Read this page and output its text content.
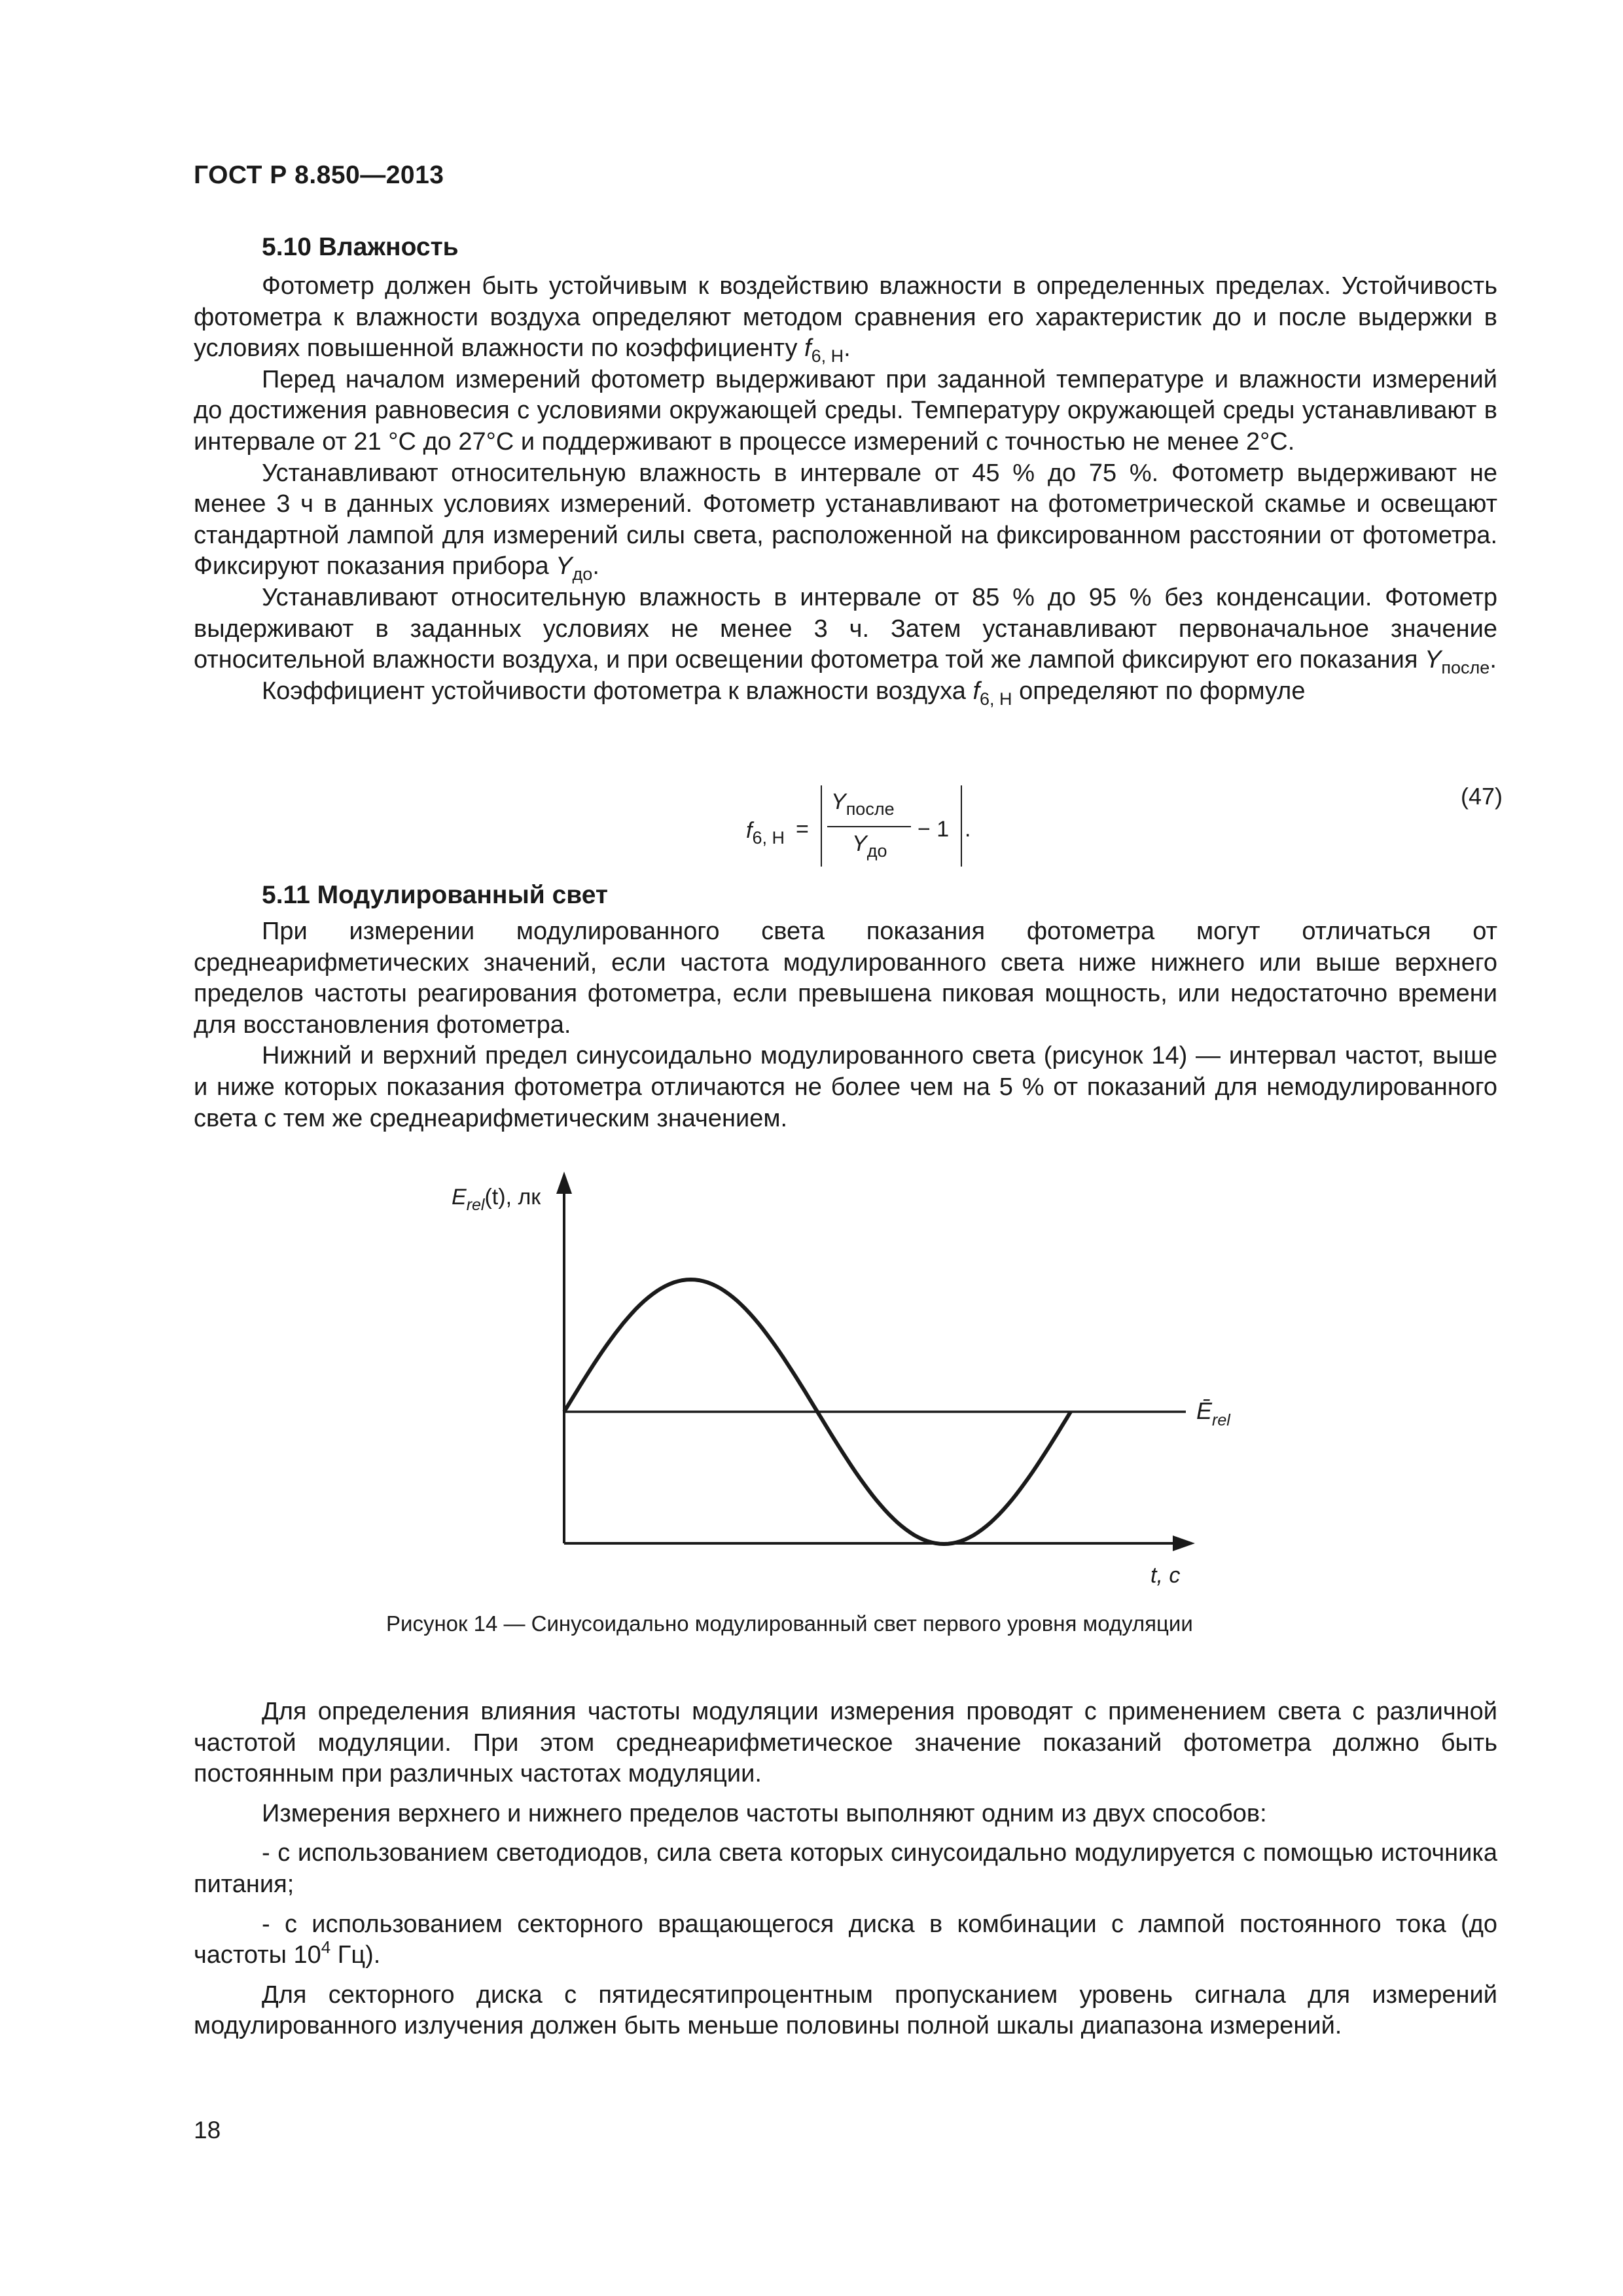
ГОСТ Р 8.850—2013
5.10 Влажность

Фотометр должен быть устойчивым к воздействию влажности в определенных пределах. Устойчивость фотометра к влажности воздуха определяют методом сравнения его характеристик до и после выдержки в условиях повышенной влажности по коэффициенту $f_{6, H}$.

Перед началом измерений фотометр выдерживают при заданной температуре и влажности измерений до достижения равновесия с условиями окружающей среды. Температуру окружающей среды устанавливают в интервале от 21 °C до 27°C и поддерживают в процессе измерений с точностью не менее 2°C.

Устанавливают относительную влажность в интервале от 45 % до 75 %. Фотометр выдерживают не менее 3 ч в данных условиях измерений. Фотометр устанавливают на фотометрической скамье и освещают стандартной лампой для измерений силы света, расположенной на фиксированном расстоянии от фотометра. Фиксируют показания прибора $Y_{до}$.

Устанавливают относительную влажность в интервале от 85 % до 95 % без конденсации. Фотометр выдерживают в заданных условиях не менее 3 ч. Затем устанавливают первоначальное значение относительной влажности воздуха, и при освещении фотометра той же лампой фиксируют его показания $Y_{после}$.

Коэффициент устойчивости фотометра к влажности воздуха $f_{6, H}$ определяют по формуле

$f_{6, H}$ =
$Y_{после}$
$Y_{до}$
− 1 .
(47)
5.11 Модулированный свет

При измерении модулированного света показания фотометра могут отличаться от среднеарифметических значений, если частота модулированного света ниже нижнего или выше верхнего пределов частоты реагирования фотометра, если превышена пиковая мощность, или недостаточно времени для восстановления фотометра.

Нижний и верхний предел синусоидально модулированного света (рисунок 14) — интервал частот, выше и ниже которых показания фотометра отличаются не более чем на 5 % от показаний для немодулированного света с тем же среднеарифметическим значением.

$E_{rel}(t)$, лк
$Ē_{rel}$
t, c
Рисунок 14 — Синусоидально модулированный свет первого уровня модуляции

Для определения влияния частоты модуляции измерения проводят с применением света с различной частотой модуляции. При этом среднеарифметическое значение показаний фотометра должно быть постоянным при различных частотах модуляции.

Измерения верхнего и нижнего пределов частоты выполняют одним из двух способов:

- с использованием светодиодов, сила света которых синусоидально модулируется с помощью источника питания;

- с использованием секторного вращающегося диска в комбинации с лампой постоянного тока (до частоты $10^4$ Гц).

Для секторного диска с пятидесятипроцентным пропусканием уровень сигнала для измерений модулированного излучения должен быть меньше половины полной шкалы диапазона измерений.

18
